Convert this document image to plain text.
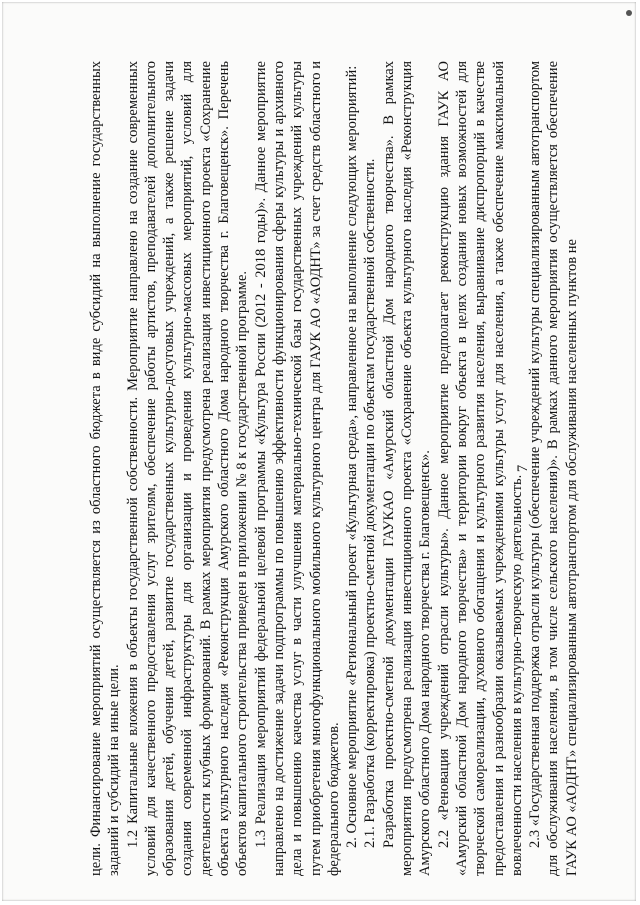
цели. Финансирование мероприятий осуществляется из областного бюджета в виде субсидий на выполнение государственных заданий и субсидий на иные цели. 1.2 Капитальные вложения в объекты государственной собственности. Мероприятие направлено на создание современных условий для качественного предоставления услуг зрителям, обеспечение работы артистов, преподавателей дополнительного образования детей, обучения детей, развитие государственных культурно-досуговых учреждений, а также решение задачи создания современной инфраструктуры для организации и проведения культурно-массовых мероприятий, условий для деятельности клубных формирований. В рамках мероприятия предусмотрена реализация инвестиционного проекта «Сохранение объекта культурного наследия «Реконструкция Амурского областного Дома народного творчества г. Благовещенск». Перечень объектов капитального строительства приведен в приложении № 8 к государственной программе. 1.3 Реализация мероприятий федеральной целевой программы «Культура России (2012 - 2018 годы)». Данное мероприятие направлено на достижение задачи подпрограммы по повышению эффективности функционирования сферы культуры и архивного дела и повышению качества услуг в части улучшения материально-технической базы государственных учреждений культуры путем приобретения многофункционального мобильного культурного центра для ГАУК АО «АОДНТ» за счет средств областного и федерального бюджетов. 2. Основное мероприятие «Региональный проект «Культурная среда», направленное на выполнение следующих мероприятий: 2.1. Разработка (корректировка) проектно-сметной документации по объектам государственной собственности. Разработка проектно-сметной документации ГАУКАО «Амурский областной Дом народного творчества». В рамках мероприятия предусмотрена реализация инвестиционного проекта «Сохранение объекта культурного наследия «Реконструкция Амурского областного Дома народного творчества г. Благовещенск». 2.2 «Реновация учреждений отрасли культуры». Данное мероприятие предполагает реконструкцию здания ГАУК АО «Амурский областной Дом народного творчества» и территории вокруг объекта в целях создания новых возможностей для творческой самореализации, духовного обогащения и культурного развития населения, выравнивание диспропорций в качестве предоставления и разнообразии оказываемых учреждениями культуры услуг для населения, а также обеспечение максимальной вовлеченности населения в культурно-творческую деятельность. 2.3 «Государственная поддержка отрасли культуры (обеспечение учреждений культуры специализированным автотранспортом для обслуживания населения, в том числе сельского населения)». В рамках данного мероприятия осуществляется обеспечение ГАУК АО «АОДНТ» специализированным автотранспортом для обслуживания населенных пунктов не

7
